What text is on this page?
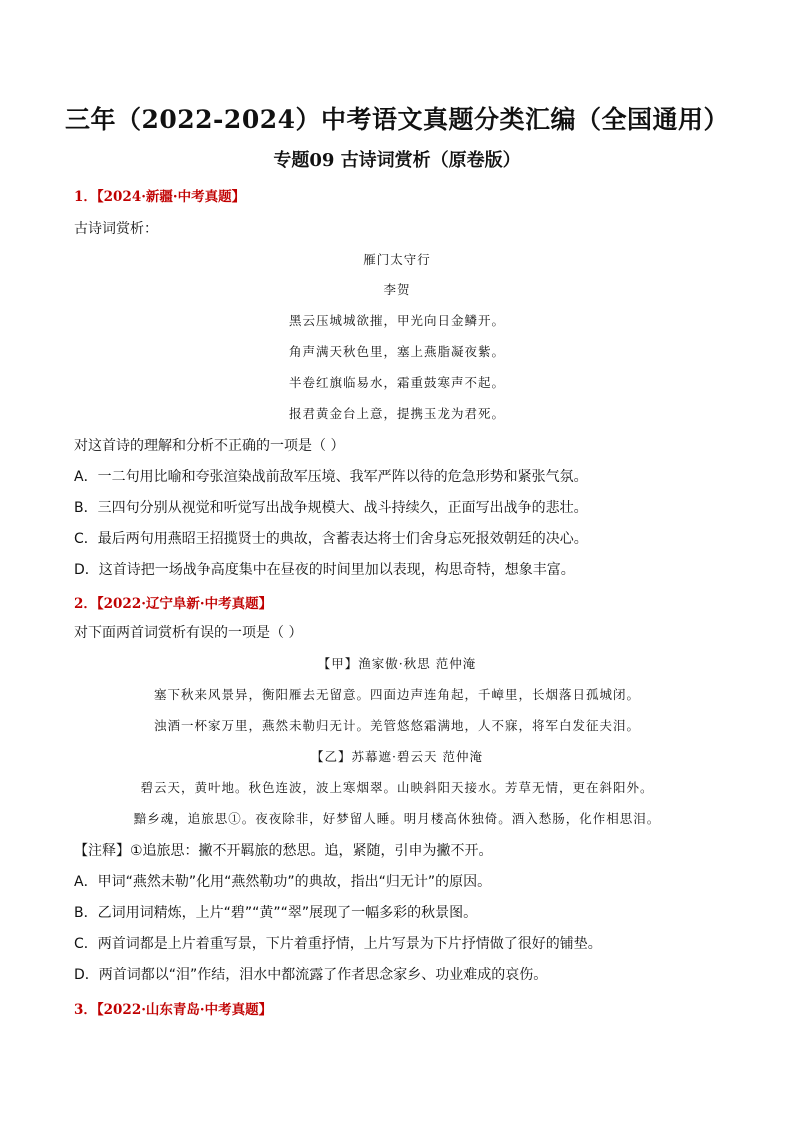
三年（2022-2024）中考语文真题分类汇编（全国通用）
专题09 古诗词赏析（原卷版）
1．【2024·新疆·中考真题】
古诗词赏析：
雁门太守行
李贺
黑云压城城欲摧，甲光向日金鳞开。
角声满天秋色里，塞上燕脂凝夜紫。
半卷红旗临易水，霜重鼓寒声不起。
报君黄金台上意，提携玉龙为君死。
对这首诗的理解和分析不正确的一项是（ ）
A．一二句用比喻和夸张渲染战前敌军压境、我军严阵以待的危急形势和紧张气氛。
B．三四句分别从视觉和听觉写出战争规模大、战斗持续久，正面写出战争的悲壮。
C．最后两句用燕昭王招揽贤士的典故，含蓄表达将士们舍身忘死报效朝廷的决心。
D．这首诗把一场战争高度集中在昼夜的时间里加以表现，构思奇特，想象丰富。
2．【2022·辽宁阜新·中考真题】
对下面两首词赏析有误的一项是（ ）
【甲】渔家傲·秋思 范仲淹
塞下秋来风景异，衡阳雁去无留意。四面边声连角起，千嶂里，长烟落日孤城闭。
浊酒一杯家万里，燕然未勒归无计。羌管悠悠霜满地，人不寐，将军白发征夫泪。
【乙】苏幕遮·碧云天 范仲淹
碧云天，黄叶地。秋色连波，波上寒烟翠。山映斜阳天接水。芳草无情，更在斜阳外。
黯乡魂，追旅思①。夜夜除非，好梦留人睡。明月楼高休独倚。酒入愁肠，化作相思泪。
【注释】①追旅思：撇不开羁旅的愁思。追，紧随，引申为撇不开。
A．甲词“燕然未勒”化用“燕然勒功”的典故，指出“归无计”的原因。
B．乙词用词精炼，上片“碧”“黄”“翠”展现了一幅多彩的秋景图。
C．两首词都是上片着重写景，下片着重抒情，上片写景为下片抒情做了很好的铺垫。
D．两首词都以“泪”作结，泪水中都流露了作者思念家乡、功业难成的哀伤。
3．【2022·山东青岛·中考真题】
